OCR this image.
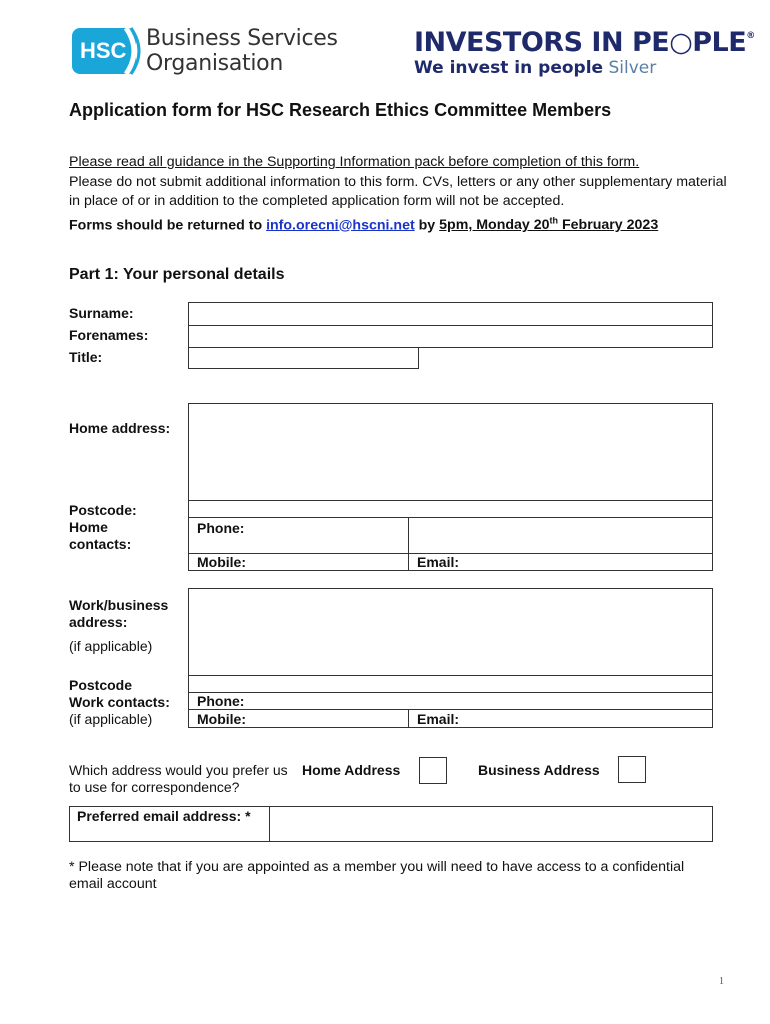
HSC Business Services
Organisation
INVESTORS IN PE○PLE®
We invest in people Silver
Application form for HSC Research Ethics Committee Members
Please read all guidance in the Supporting Information pack before completion of this form.
Please do not submit additional information to this form. CVs, letters or any other supplementary material in place of or in addition to the completed application form will not be accepted.
Forms should be returned to info.orecni@hscni.net by 5pm, Monday 20th February 2023
Part 1: Your personal details
Surname:
Forenames:
Title:
Home address:
Postcode:
Home contacts:
Phone:
Mobile:	Email:
Work/business address:
(if applicable)
Postcode
Work contacts:
(if applicable)
Phone:
Mobile:	Email:
Which address would you prefer us to use for correspondence?
Home Address	Business Address
Preferred email address: *
* Please note that if you are appointed as a member you will need to have access to a confidential email account
1
